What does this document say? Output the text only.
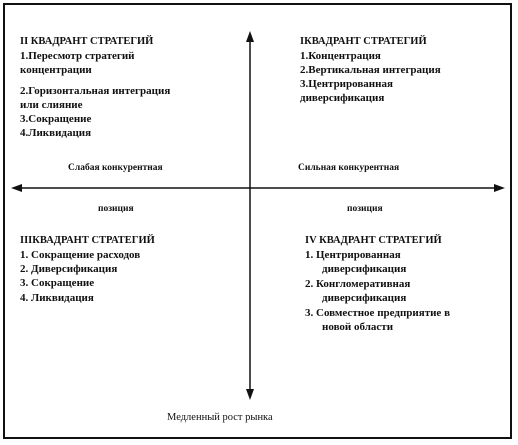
II КВАДРАНТ СТРАТЕГИЙ
1.Пересмотр стратегий
концентрации
2.Горизонтальная интеграция
или слияние
3.Сокращение
4.Ликвидация
IКВАДРАНТ СТРАТЕГИЙ
1.Концентрация
2.Вертикальная интеграция
3.Центрированная
диверсификация
Слабая конкурентная
позиция
Сильная конкурентная
позиция
IIIКВАДРАНТ СТРАТЕГИЙ
1. Сокращение расходов
2. Диверсификация
3. Сокращение
4. Ликвидация
IV КВАДРАНТ СТРАТЕГИЙ
1. Центрированная
диверсификация
2. Конгломеративная
диверсификация
3. Совместное предприятие в
новой области
Медленный рост рынка
